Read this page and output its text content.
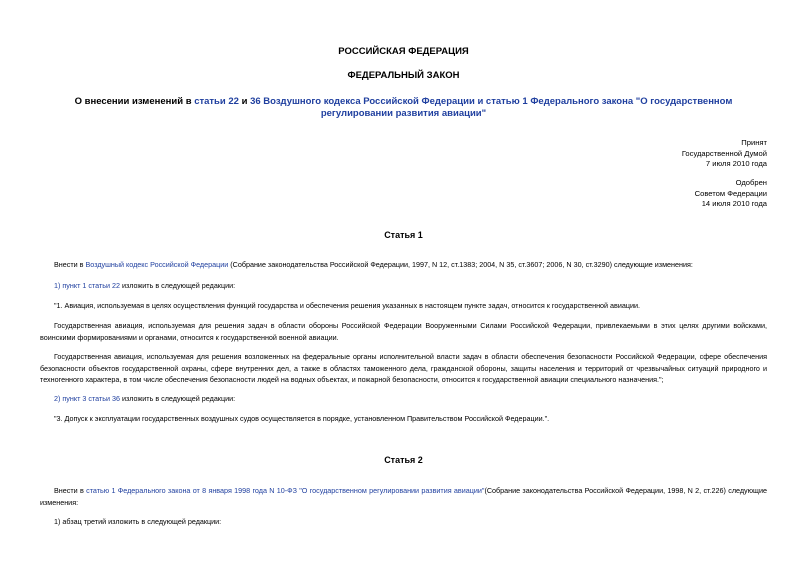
РОССИЙСКАЯ ФЕДЕРАЦИЯ
ФЕДЕРАЛЬНЫЙ ЗАКОН
О внесении изменений в статьи 22 и 36 Воздушного кодекса Российской Федерации и статью 1 Федерального закона "О государственном регулировании развития авиации"
Принят
Государственной Думой
7 июля 2010 года
Одобрен
Советом Федерации
14 июля 2010 года
Статья 1
Внести в Воздушный кодекс Российской Федерации (Собрание законодательства Российской Федерации, 1997, N 12, ст.1383; 2004, N 35, ст.3607; 2006, N 30, ст.3290) следующие изменения:
1) пункт 1 статьи 22 изложить в следующей редакции:
"1. Авиация, используемая в целях осуществления функций государства и обеспечения решения указанных в настоящем пункте задач, относится к государственной авиации.
Государственная авиация, используемая для решения задач в области обороны Российской Федерации Вооруженными Силами Российской Федерации, привлекаемыми в этих целях другими войсками, воинскими формированиями и органами, относится к государственной военной авиации.
Государственная авиация, используемая для решения возложенных на федеральные органы исполнительной власти задач в области обеспечения безопасности Российской Федерации, сфере обеспечения безопасности объектов государственной охраны, сфере внутренних дел, а также в областях таможенного дела, гражданской обороны, защиты населения и территорий от чрезвычайных ситуаций природного и техногенного характера, в том числе обеспечения безопасности людей на водных объектах, и пожарной безопасности, относится к государственной авиации специального назначения.";
2) пункт 3 статьи 36 изложить в следующей редакции:
"3. Допуск к эксплуатации государственных воздушных судов осуществляется в порядке, установленном Правительством Российской Федерации.".
Статья 2
Внести в статью 1 Федерального закона от 8 января 1998 года N 10-ФЗ "О государственном регулировании развития авиации"(Собрание законодательства Российской Федерации, 1998, N 2, ст.226) следующие изменения:
1) абзац третий изложить в следующей редакции:
